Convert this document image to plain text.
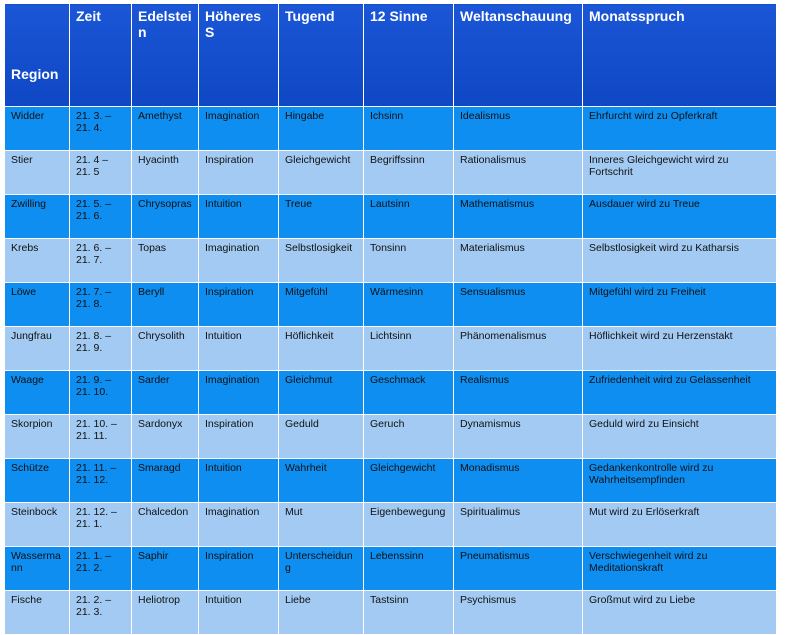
Region	Zeit	Edelstein	Höheres S	Tugend	12 Sinne	Weltanschauung	Monatsspruch
Widder	21. 3. – 21. 4.	Amethyst	Imagination	Hingabe	Ichsinn	Idealismus	Ehrfurcht wird zu Opferkraft
Stier	21. 4 – 21. 5	Hyacinth	Inspiration	Gleichgewicht	Begriffssinn	Rationalismus	Inneres Gleichgewicht wird zu Fortschrit
Zwilling	21. 5. – 21. 6.	Chrysopras	Intuition	Treue	Lautsinn	Mathematismus	Ausdauer wird zu Treue
Krebs	21. 6. – 21. 7.	Topas	Imagination	Selbstlosigkeit	Tonsinn	Materialismus	Selbstlosigkeit wird zu Katharsis
Löwe	21. 7. – 21. 8.	Beryll	Inspiration	Mitgefühl	Wärmesinn	Sensualismus	Mitgefühl wird zu Freiheit
Jungfrau	21. 8. – 21. 9.	Chrysolith	Intuition	Höflichkeit	Lichtsinn	Phänomenalismus	Höflichkeit wird zu Herzenstakt
Waage	21. 9. – 21. 10.	Sarder	Imagination	Gleichmut	Geschmack	Realismus	Zufriedenheit wird zu Gelassenheit
Skorpion	21. 10. – 21. 11.	Sardonyx	Inspiration	Geduld	Geruch	Dynamismus	Geduld wird zu Einsicht
Schütze	21. 11. – 21. 12.	Smaragd	Intuition	Wahrheit	Gleichgewicht	Monadismus	Gedankenkontrolle wird zu Wahrheitsempfinden
Steinbock	21. 12. – 21. 1.	Chalcedon	Imagination	Mut	Eigenbewegung	Spiritualimus	Mut wird zu Erlöserkraft
Wassermann	21. 1. – 21. 2.	Saphir	Inspiration	Unterscheidung	Lebenssinn	Pneumatismus	Verschwiegenheit wird zu Meditationskraft
Fische	21. 2. – 21. 3.	Heliotrop	Intuition	Liebe	Tastsinn	Psychismus	Großmut wird zu Liebe
